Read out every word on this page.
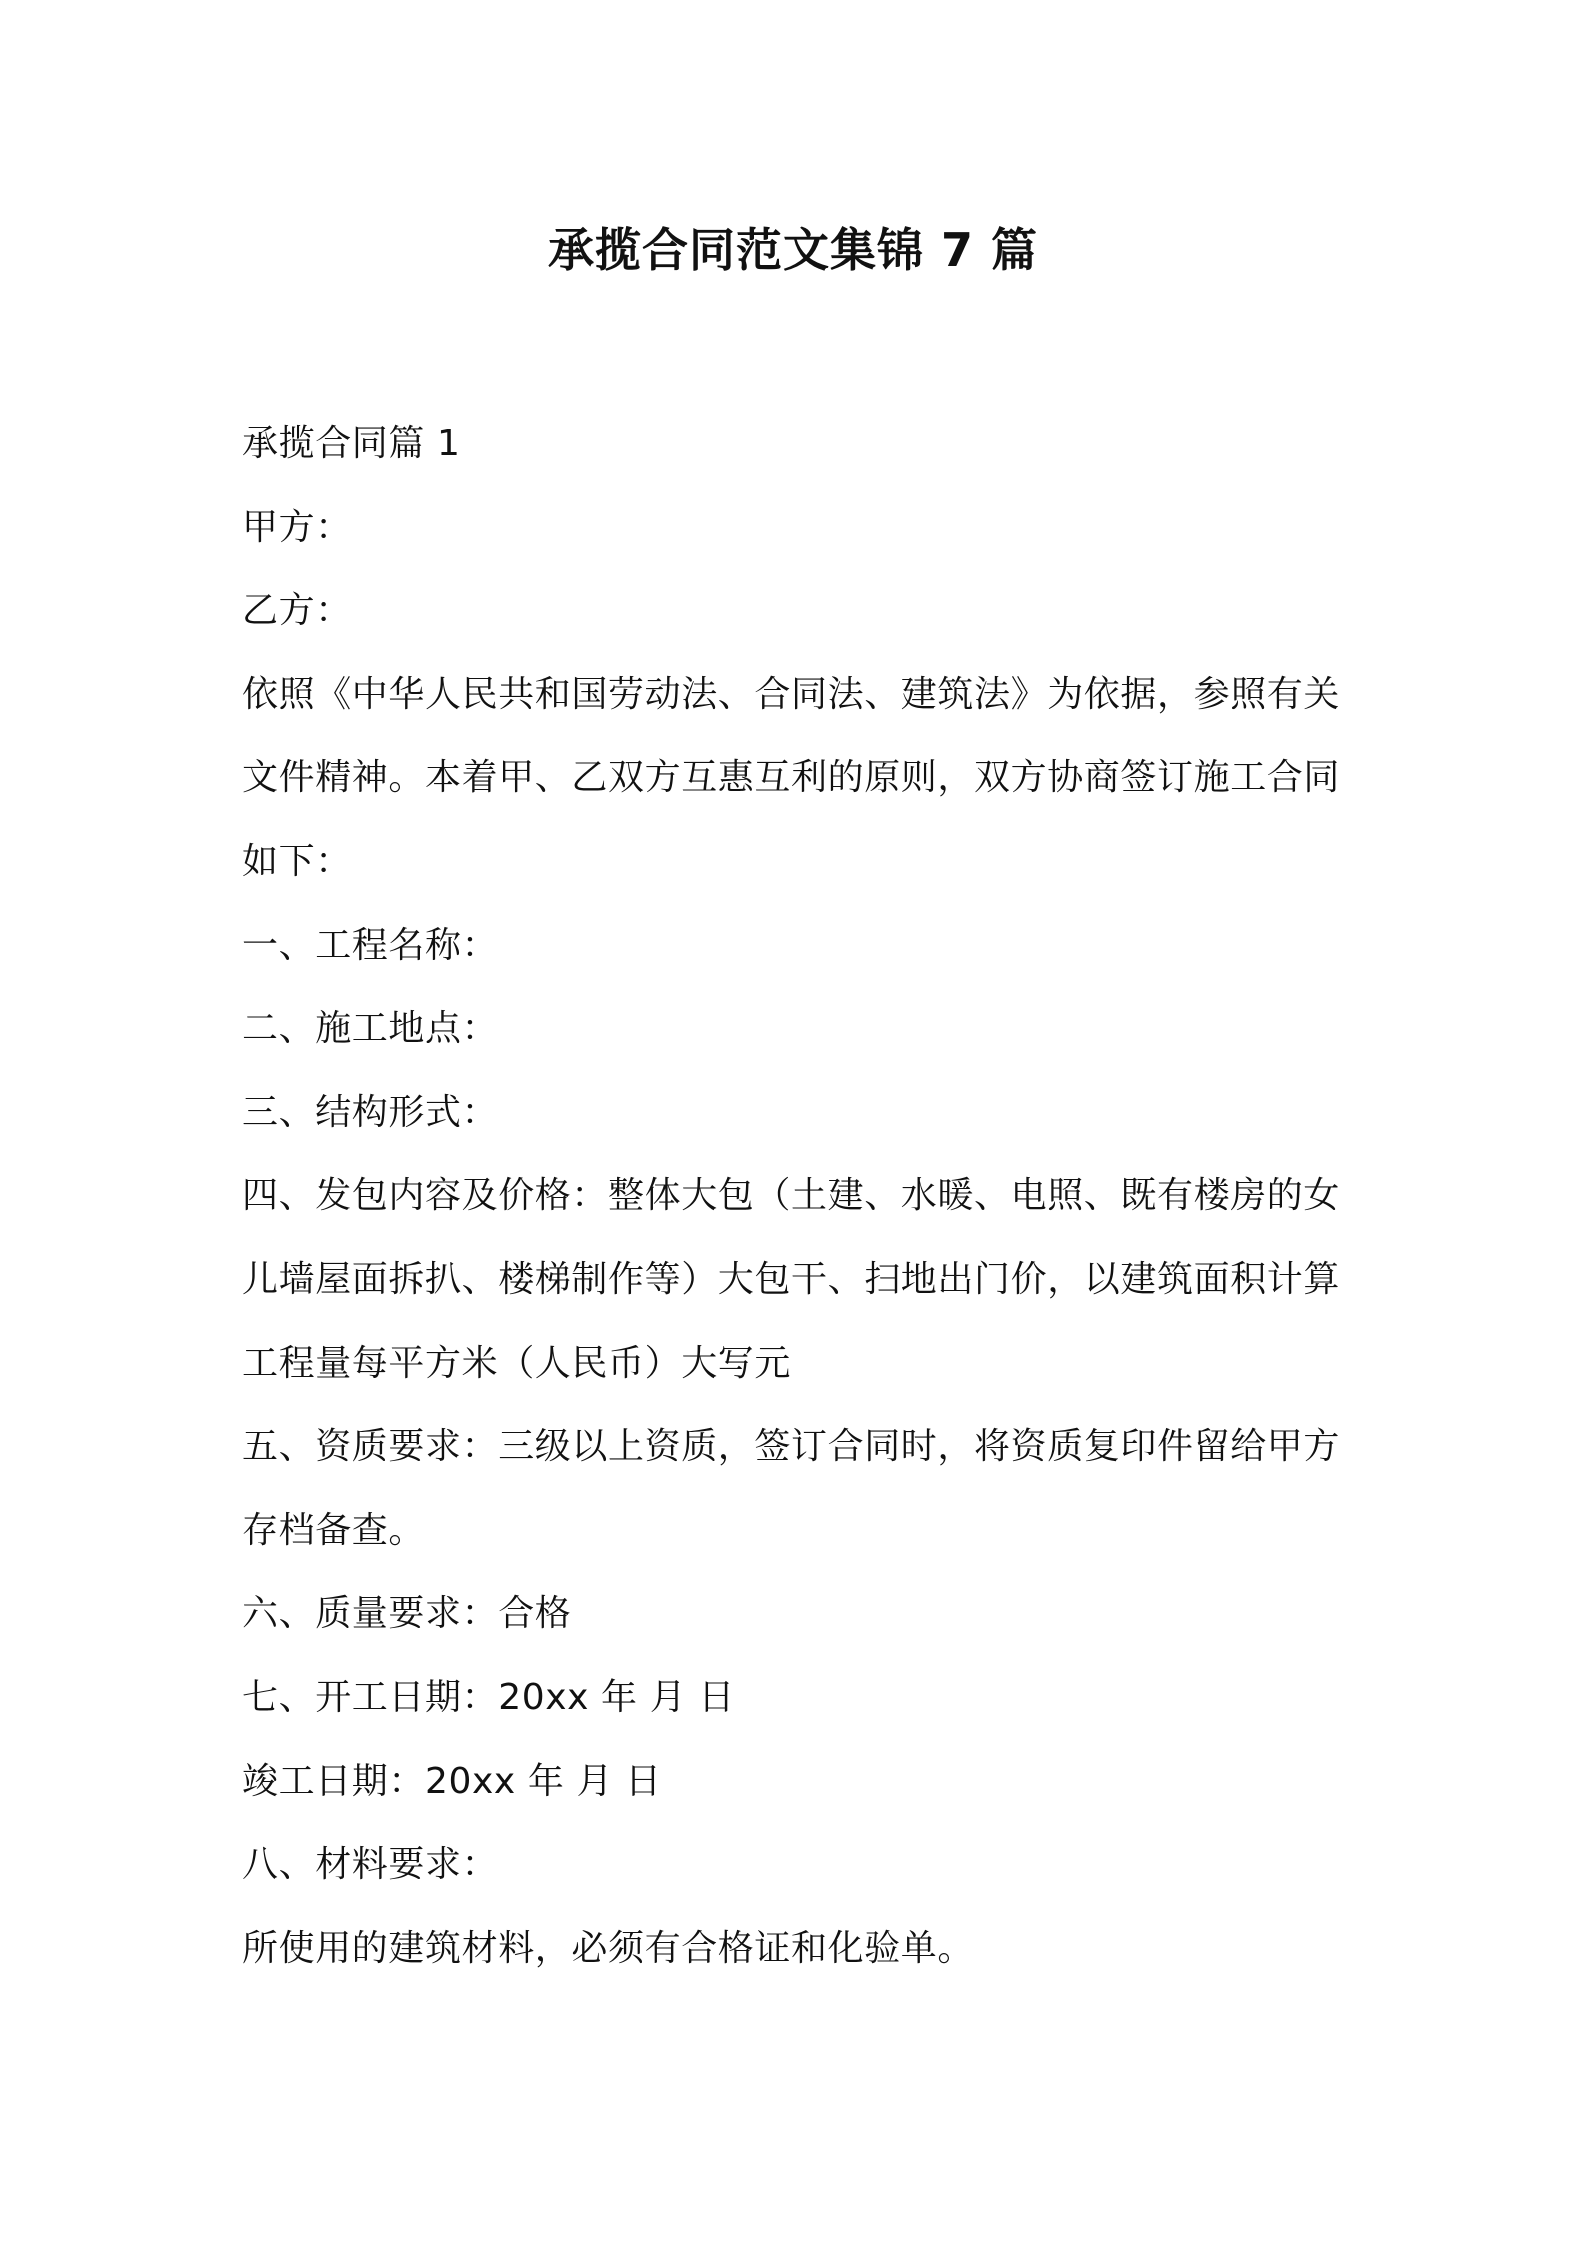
承揽合同范文集锦 7 篇
承揽合同篇 1
甲方：
乙方：
依照《中华人民共和国劳动法、合同法、建筑法》为依据，参照有关
文件精神。本着甲、乙双方互惠互利的原则，双方协商签订施工合同
如下：
一、工程名称：
二、施工地点：
三、结构形式：
四、发包内容及价格：整体大包（土建、水暖、电照、既有楼房的女
儿墙屋面拆扒、楼梯制作等）大包干、扫地出门价，以建筑面积计算
工程量每平方米（人民币）大写元
五、资质要求：三级以上资质，签订合同时，将资质复印件留给甲方
存档备查。
六、质量要求：合格
七、开工日期：20xx 年 月 日
竣工日期：20xx 年 月 日
八、材料要求：
所使用的建筑材料，必须有合格证和化验单。
